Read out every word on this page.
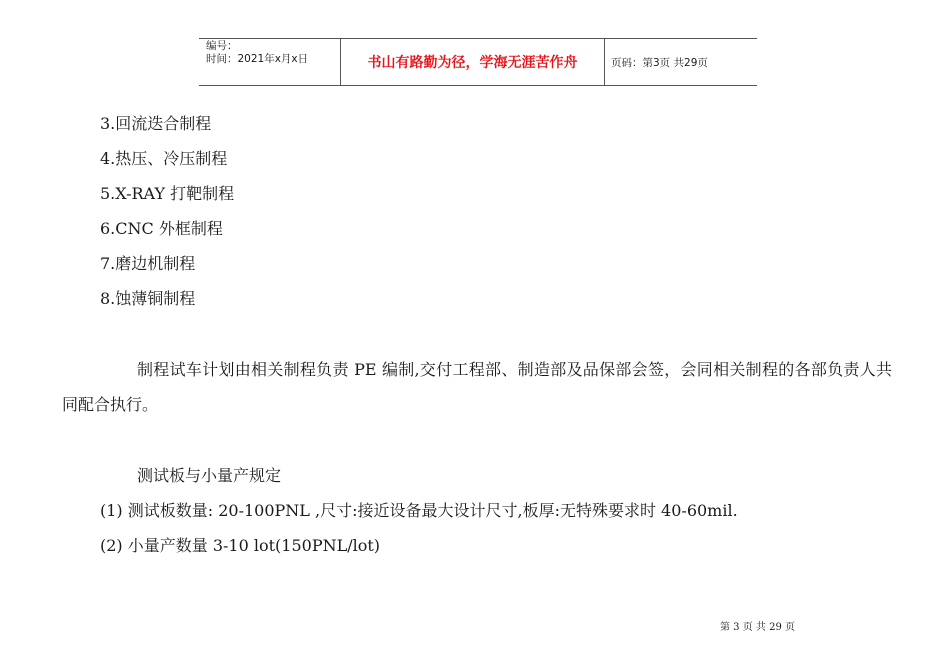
编号：
时间：2021年x月x日	书山有路勤为径，学海无涯苦作舟	页码：第3页 共29页
3.回流迭合制程
4.热压、冷压制程
5.X-RAY 打靶制程
6.CNC 外框制程
7.磨边机制程
8.蚀薄铜制程
制程试车计划由相关制程负责 PE 编制,交付工程部、制造部及品保部会签，会同相关制程的各部负责人共同配合执行。
测试板与小量产规定
(1) 测试板数量: 20-100PNL ,尺寸:接近设备最大设计尺寸,板厚:无特殊要求时 40-60mil.
(2) 小量产数量 3-10 lot(150PNL/lot)
第 3 页 共 29 页
